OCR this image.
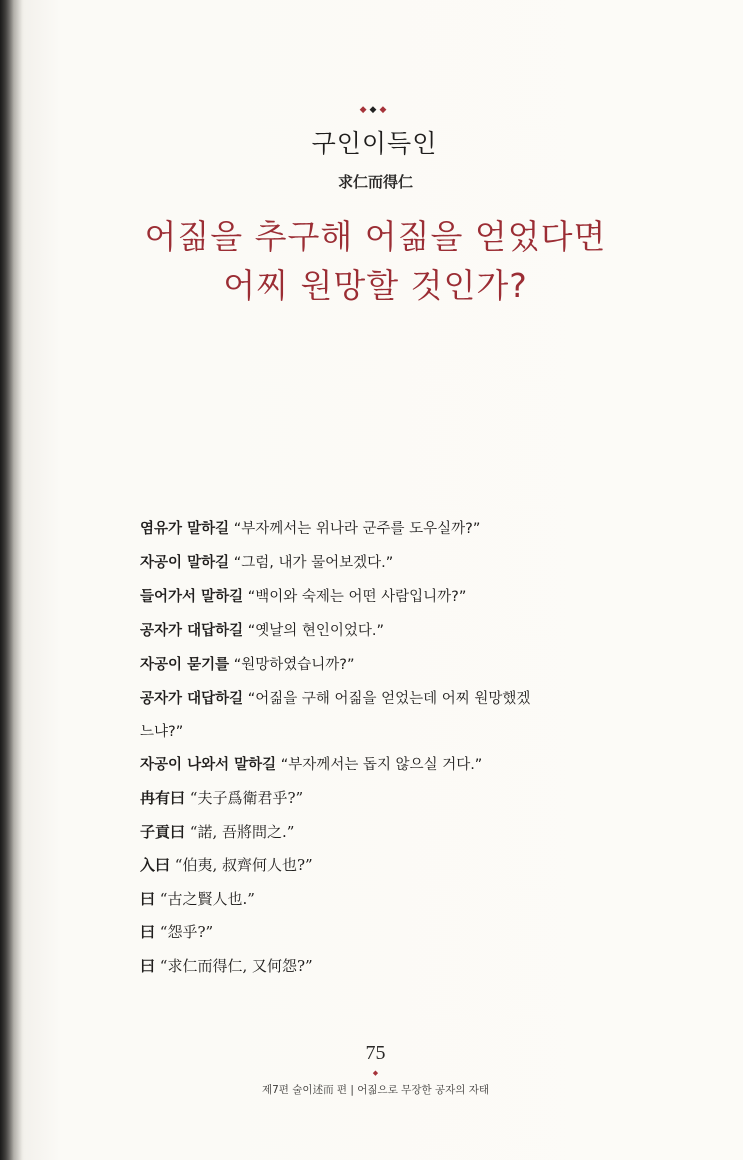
◆◆◆
구인이득인
求仁而得仁
어짊을 추구해 어짊을 얻었다면
어찌 원망할 것인가?
염유가 말하길 “부자께서는 위나라 군주를 도우실까?”
자공이 말하길 “그럼, 내가 물어보겠다.”
들어가서 말하길 “백이와 숙제는 어떤 사람입니까?”
공자가 대답하길 “옛날의 현인이었다.”
자공이 묻기를 “원망하였습니까?”
공자가 대답하길 “어짊을 구해 어짊을 얻었는데 어찌 원망했겠
느냐?”
자공이 나와서 말하길 “부자께서는 돕지 않으실 거다.”
冉有曰 “夫子爲衛君乎?”
子貢曰 “諾, 吾將問之.”
入曰 “伯夷, 叔齊何人也?”
曰 “古之賢人也.”
曰 “怨乎?”
曰 “求仁而得仁, 又何怨?”
75
◆
제7편 술이述而 편 | 어짊으로 무장한 공자의 자태
